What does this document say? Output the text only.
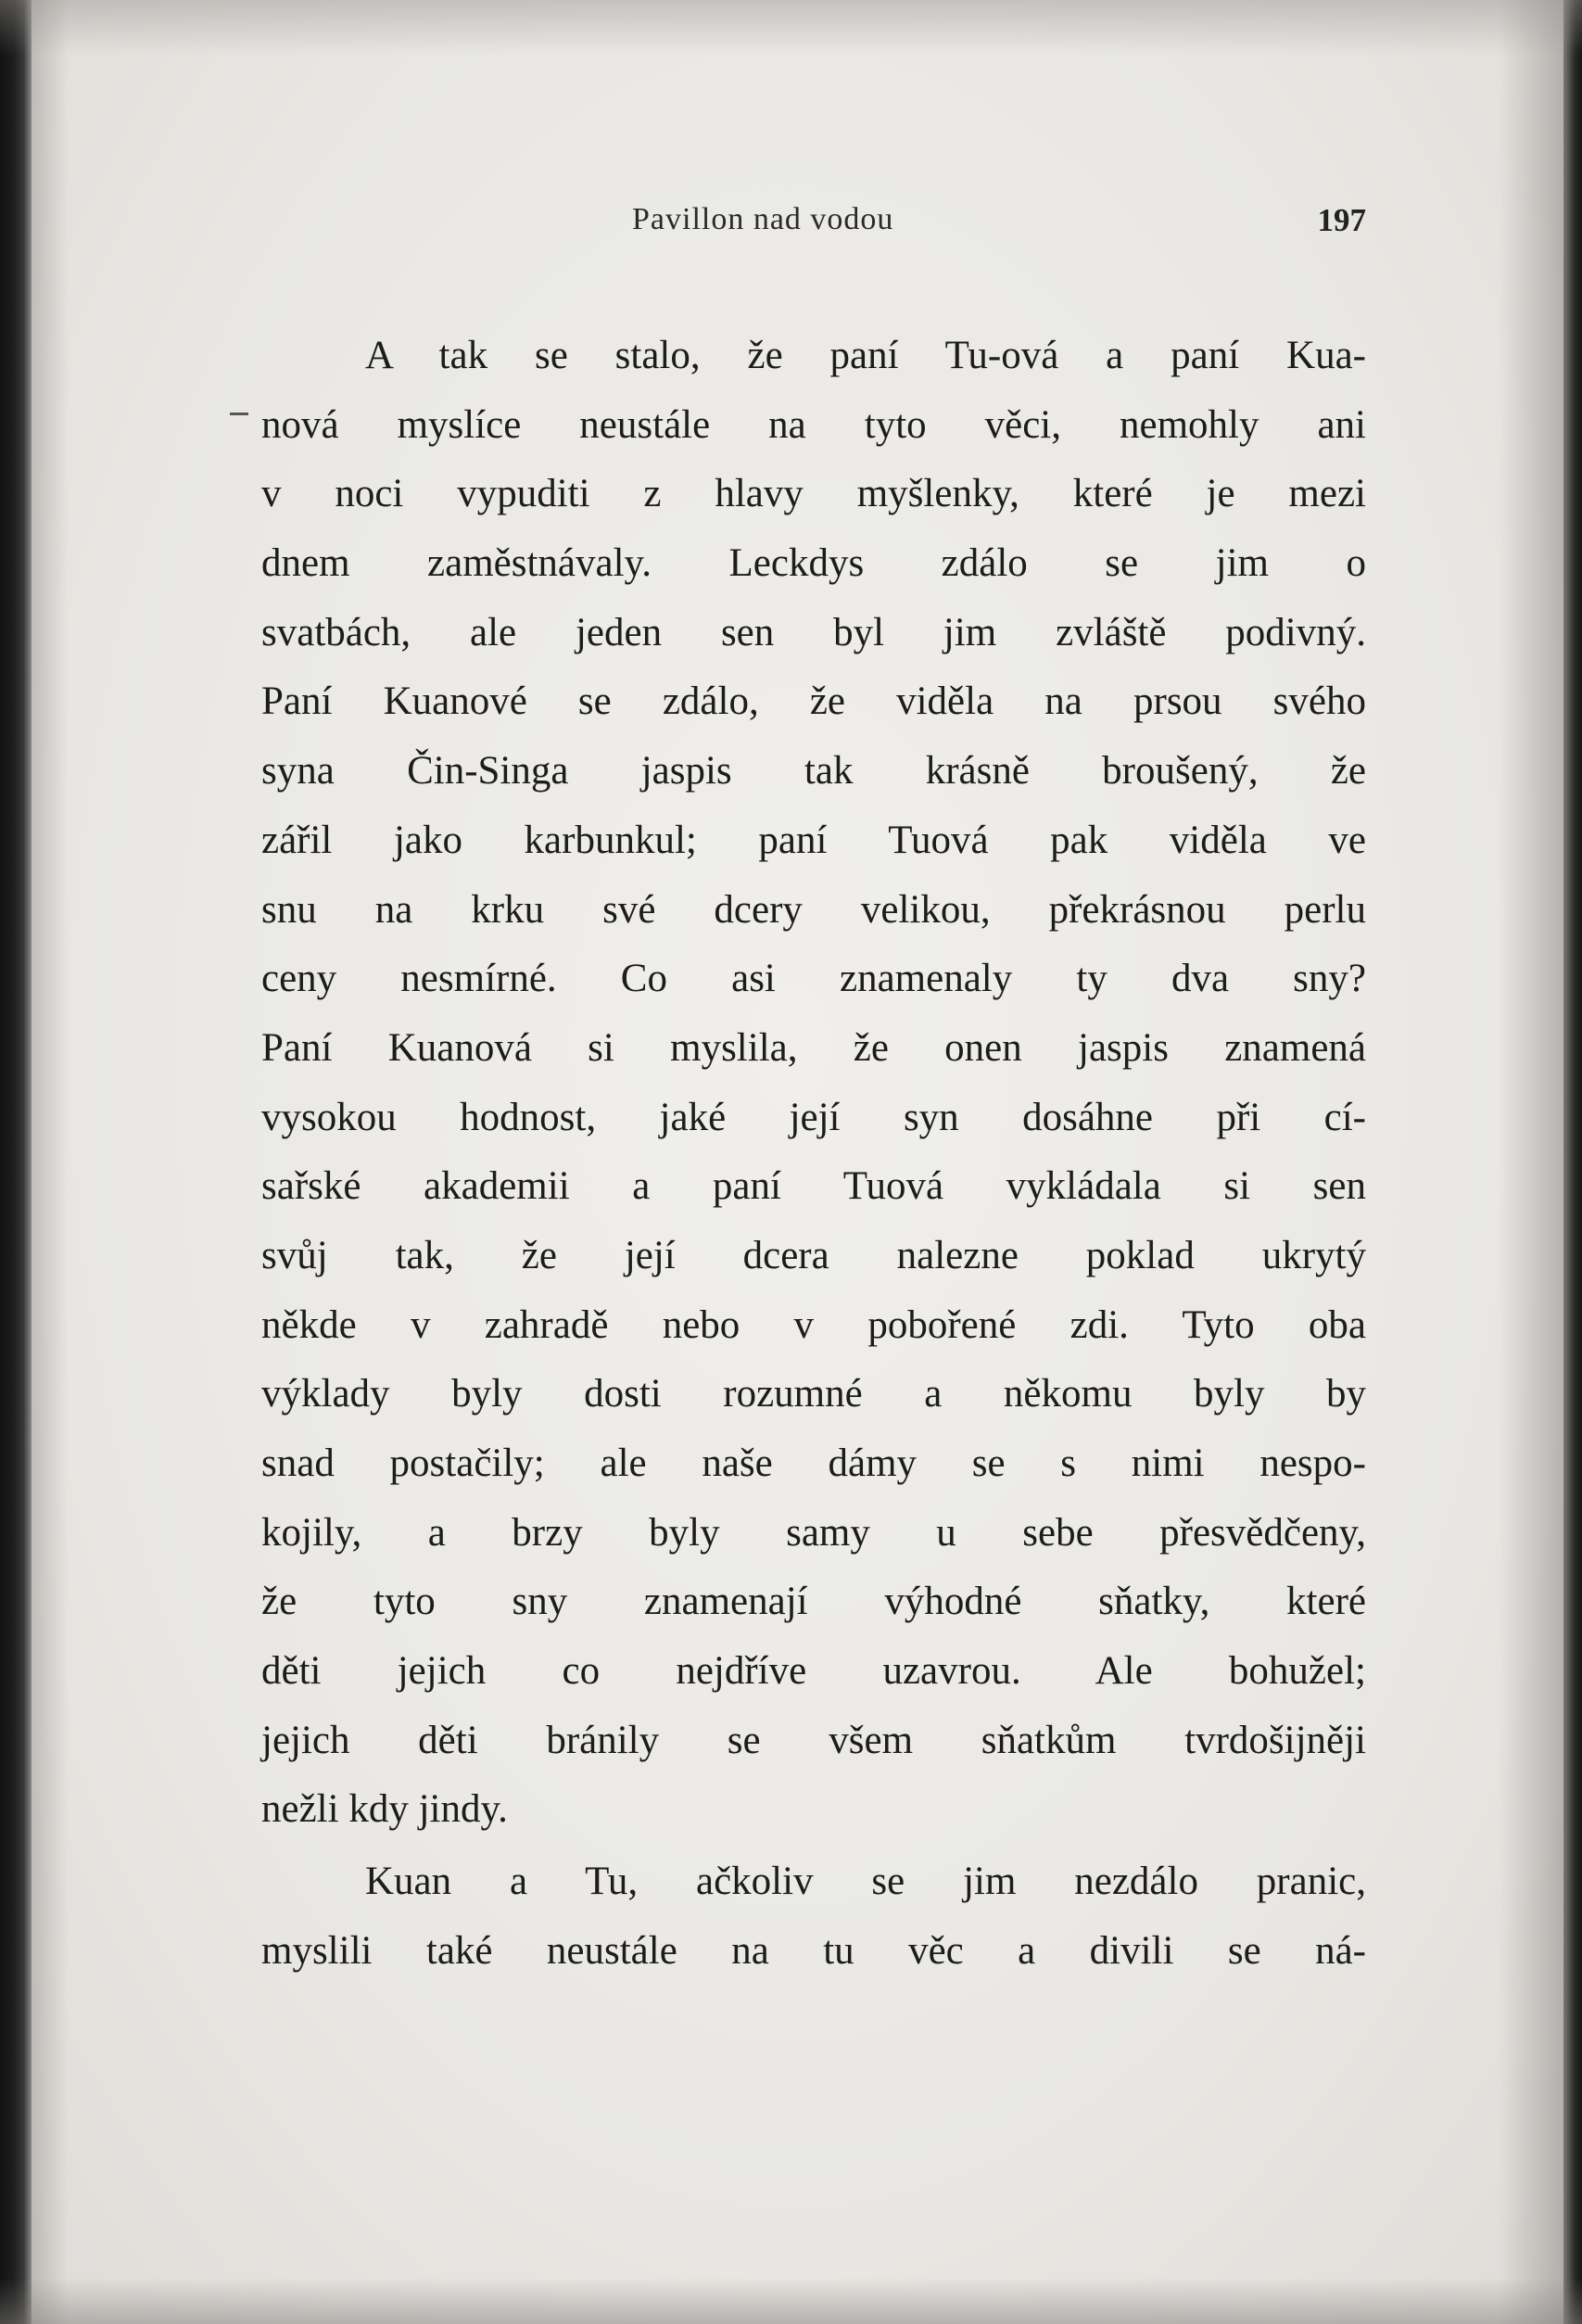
Pavillon nad vodou	197
A tak se stalo, že paní Tu-ová a paní Kua-
nová myslíce neustále na tyto věci, nemohly ani
v noci vypuditi z hlavy myšlenky, které je mezi
dnem zaměstnávaly. Leckdys zdálo se jim o
svatbách, ale jeden sen byl jim zvláště podivný.
Paní Kuanové se zdálo, že viděla na prsou svého
syna Čin-Singa jaspis tak krásně broušený, že
zářil jako karbunkul; paní Tuová pak viděla ve
snu na krku své dcery velikou, překrásnou perlu
ceny nesmírné. Co asi znamenaly ty dva sny?
Paní Kuanová si myslila, že onen jaspis znamená
vysokou hodnost, jaké její syn dosáhne při cí-
sařské akademii a paní Tuová vykládala si sen
svůj tak, že její dcera nalezne poklad ukrytý
někde v zahradě nebo v pobořené zdi. Tyto oba
výklady byly dosti rozumné a někomu byly by
snad postačily; ale naše dámy se s nimi nespo-
kojily, a brzy byly samy u sebe přesvědčeny,
že tyto sny znamenají výhodné sňatky, které
děti jejich co nejdříve uzavrou. Ale bohužel;
jejich děti bránily se všem sňatkům tvrdošijněji
nežli kdy jindy.
Kuan a Tu, ačkoliv se jim nezdálo pranic,
myslili také neustále na tu věc a divili se ná-
